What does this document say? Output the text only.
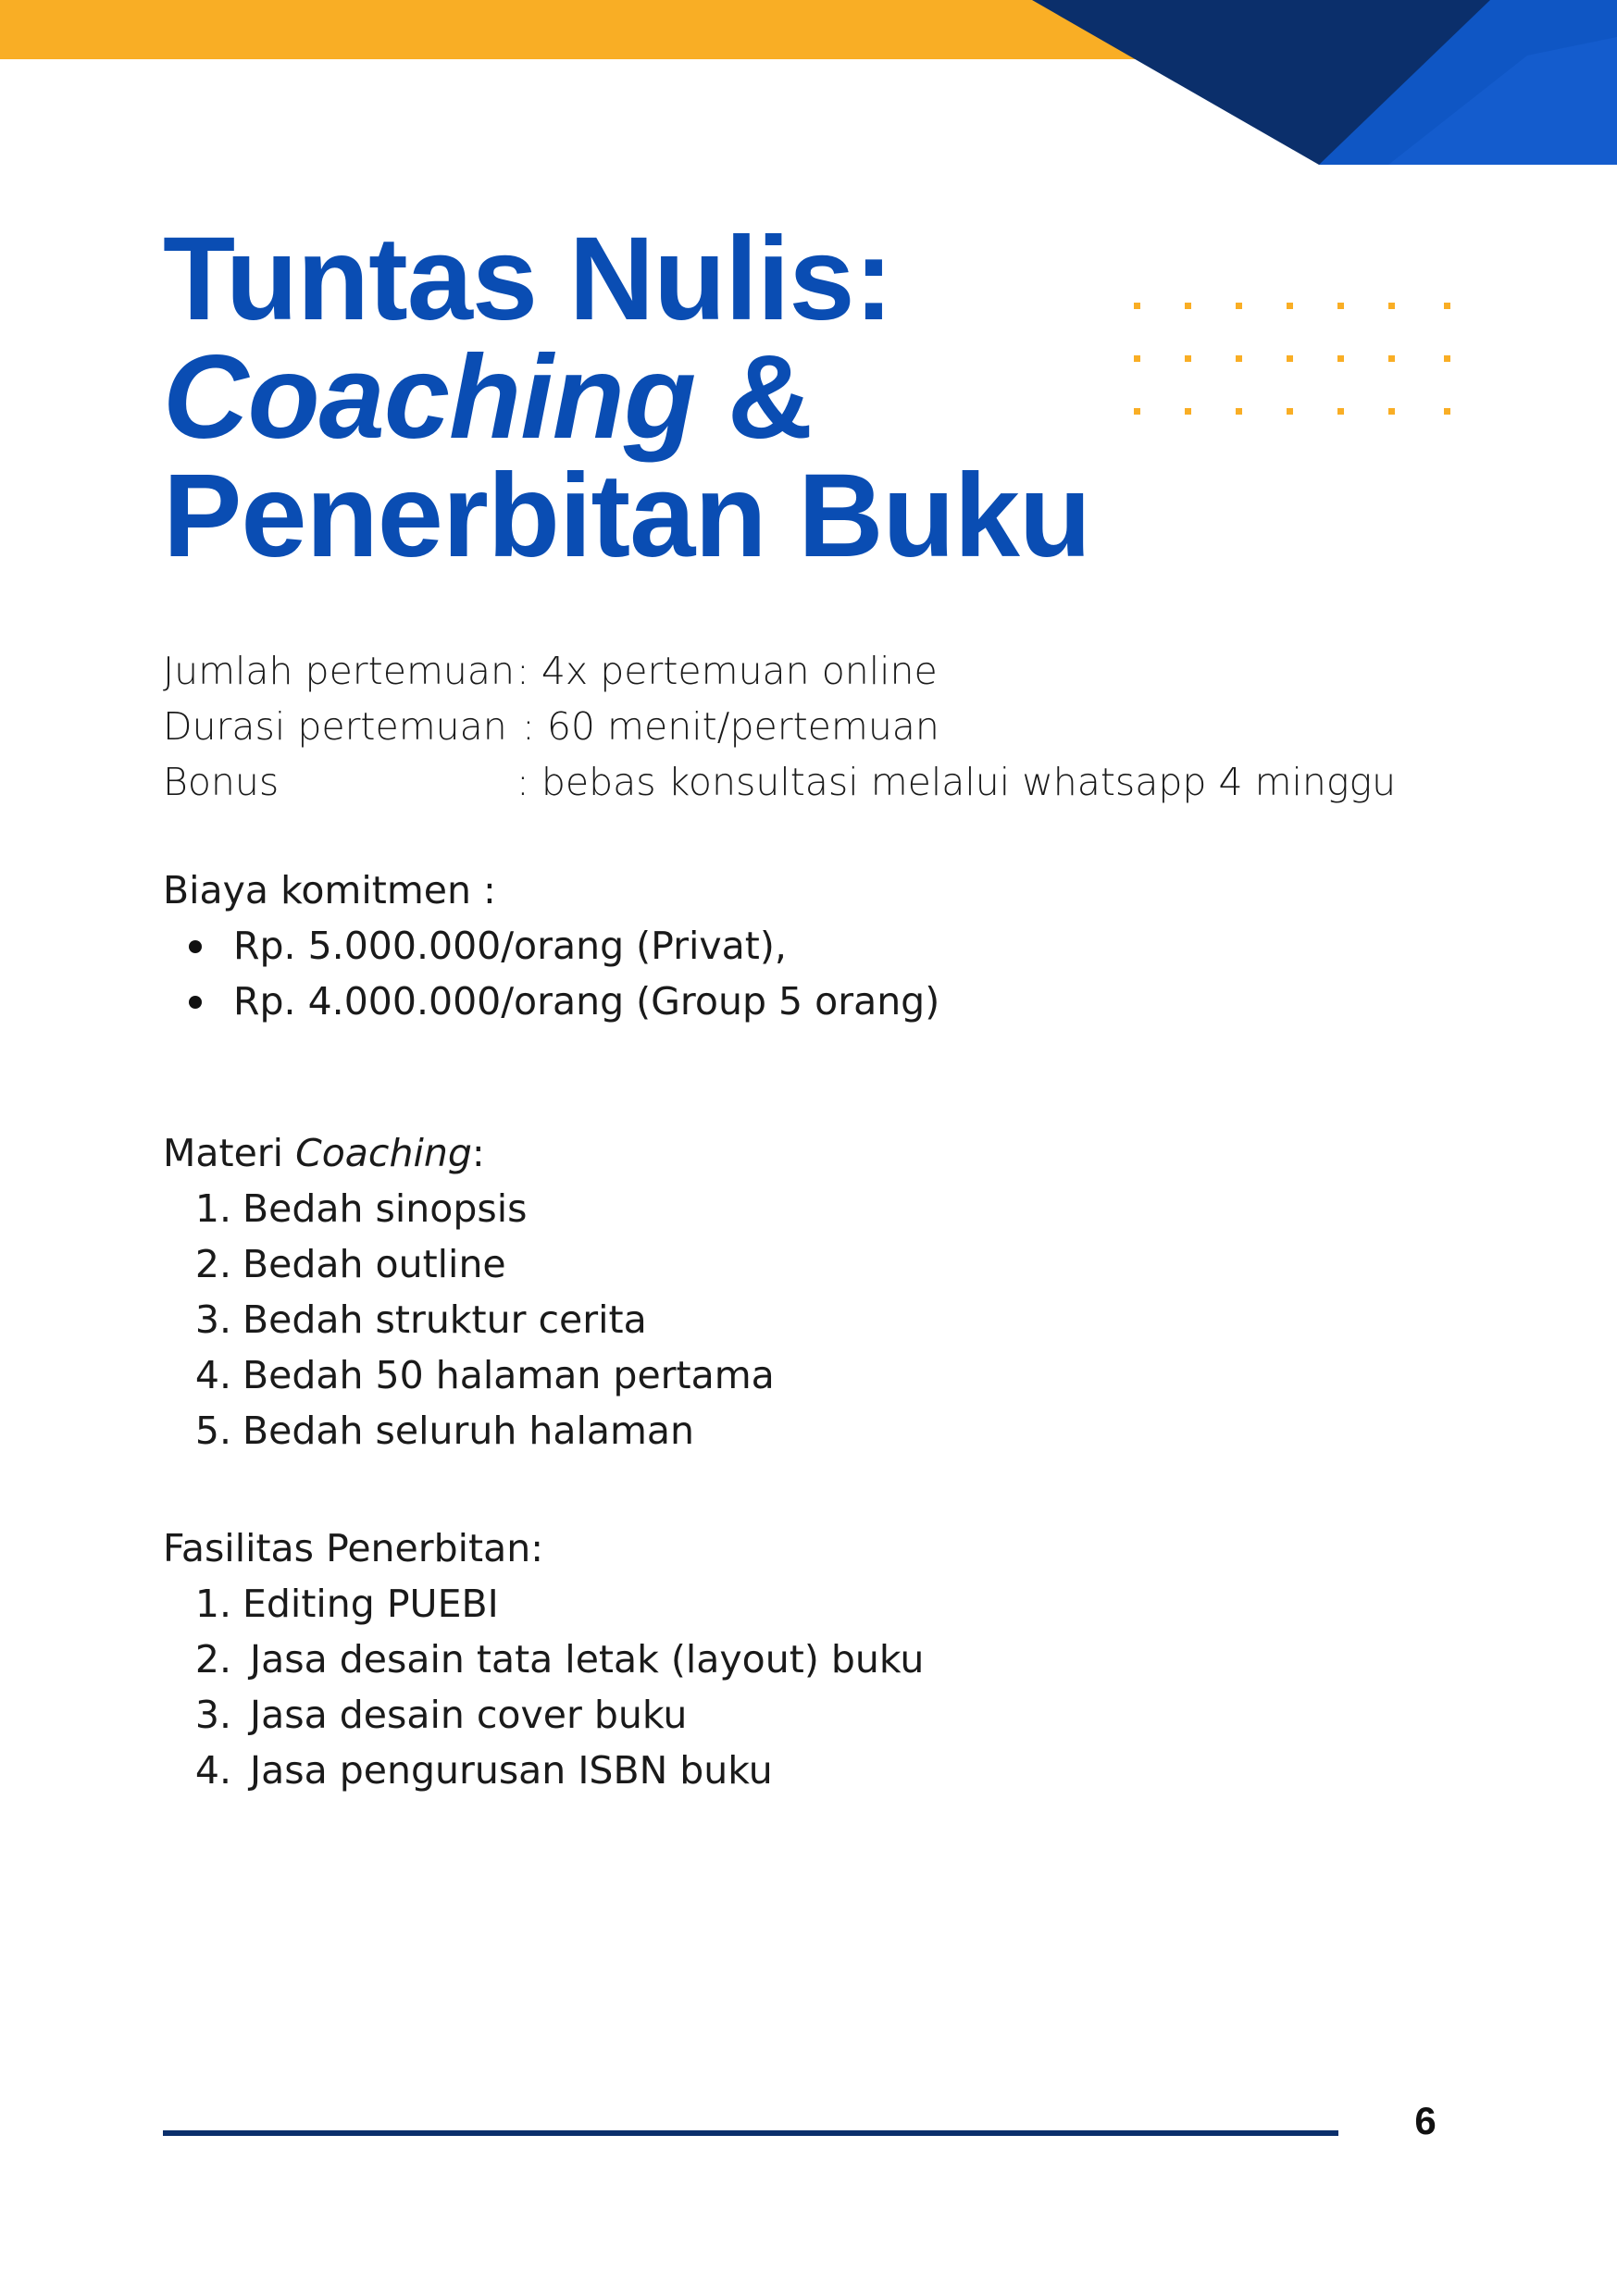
Tuntas Nulis:
Coaching &
Penerbitan Buku
Jumlah pertemuan : 4x pertemuan online
Durasi pertemuan : 60 menit/pertemuan
Bonus	: bebas konsultasi melalui whatsapp 4 minggu
Biaya komitmen :
Rp. 5.000.000/orang (Privat),
Rp. 4.000.000/orang (Group 5 orang)
Materi Coaching:
1. Bedah sinopsis
2. Bedah outline
3. Bedah struktur cerita
4. Bedah 50 halaman pertama
5. Bedah seluruh halaman
Fasilitas Penerbitan:
1. Editing PUEBI
2. Jasa desain tata letak (layout) buku
3. Jasa desain cover buku
4. Jasa pengurusan ISBN buku
6
